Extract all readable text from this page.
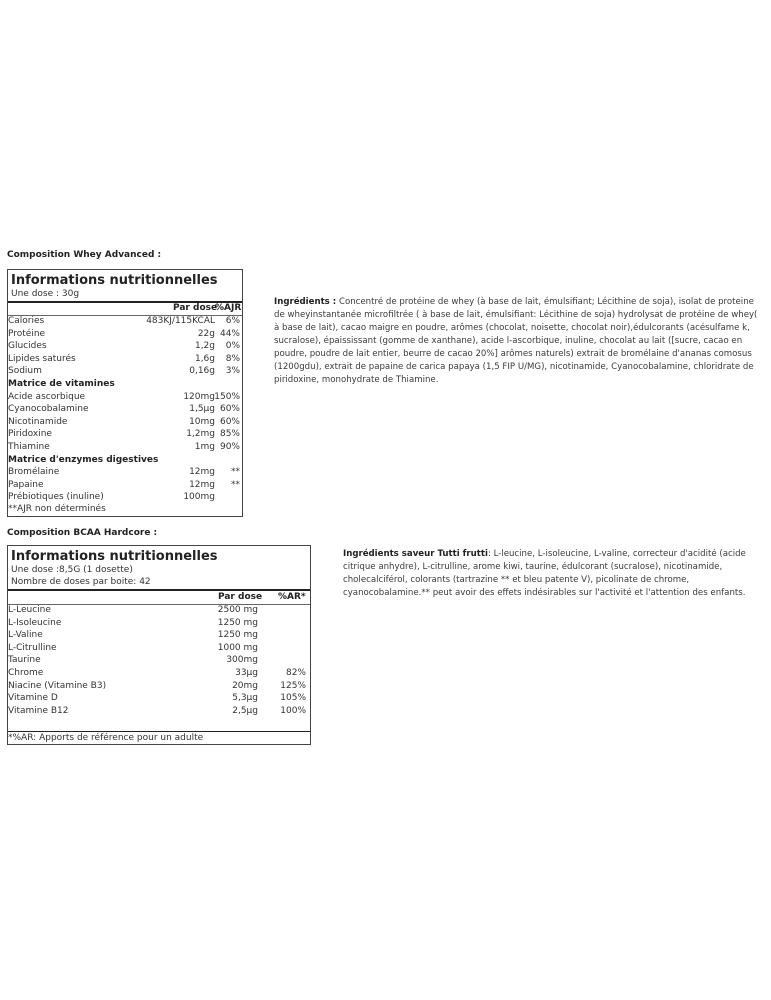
Composition Whey Advanced :
Informations nutritionnelles
Une dose : 30g
Par dose
%AJR
Calories	483KJ/115KCAL 6%
Protéine	22g 44%
Glucides	1,2g 0%
Lipides saturés	1,6g 8%
Sodium	0,16g 3%
Matrice de vitamines
Acide ascorbique	120mg 150%
Cyanocobalamine	1,5µg 60%
Nicotinamide	10mg 60%
Piridoxine	1,2mg 85%
Thiamine	1mg 90%
Matrice d'enzymes digestives
Bromélaine	12mg **
Papaine	12mg **
Prébiotiques (inuline)	100mg
**AJR non déterminés
Ingrédients : Concentré de protéine de whey (à base de lait, émulsifiant; Lécithine de soja), isolat de proteine de wheyinstantanée microfiltrée ( à base de lait, émulsifiant: Lécithine de soja) hydrolysat de protéine de whey( à base de lait), cacao maigre en poudre, arômes (chocolat, noisette, chocolat noir),édulcorants (acésulfame k, sucralose), épaississant (gomme de xanthane), acide l-ascorbique, inuline, chocolat au lait ([sucre, cacao en poudre, poudre de lait entier, beurre de cacao 20%] arômes naturels) extrait de bromélaine d'ananas comosus (1200gdu), extrait de papaine de carica papaya (1,5 FIP U/MG), nicotinamide, Cyanocobalamine, chloridrate de piridoxine, monohydrate de Thiamine.
Composition BCAA Hardcore :
Informations nutritionnelles
Une dose :8,5G (1 dosette)
Nombre de doses par boite: 42
Par dose %AR*
L-Leucine	2500 mg
L-Isoleucine	1250 mg
L-Valine	1250 mg
L-Citrulline	1000 mg
Taurine	300mg
Chrome	33µg	82%
Niacine (Vitamine B3)	20mg 125%
Vitamine D	5,3µg 105%
Vitamine B12	2,5µg 100%
*%AR: Apports de référence pour un adulte
Ingrédients saveur Tutti frutti: L-leucine, L-isoleucine, L-valine, correcteur d'acidité (acide citrique anhydre), L-citrulline, arome kiwi, taurine, édulcorant (sucralose), nicotinamide, cholecalciférol, colorants (tartrazine ** et bleu patente V), picolinate de chrome, cyanocobalamine.** peut avoir des effets indésirables sur l'activité et l'attention des enfants.
